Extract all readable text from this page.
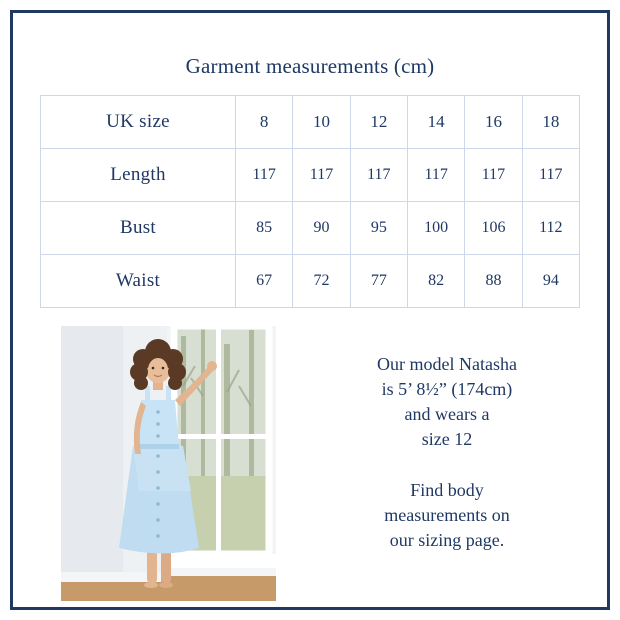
Garment measurements (cm)
UK size	8	10	12	14	16	18
Length	117	117	117	117	117	117
Bust	85	90	95	100	106	112
Waist	67	72	77	82	88	94
Our model Natasha
is 5’ 8½” (174cm)
and wears a
size 12
Find body
measurements on
our sizing page.
